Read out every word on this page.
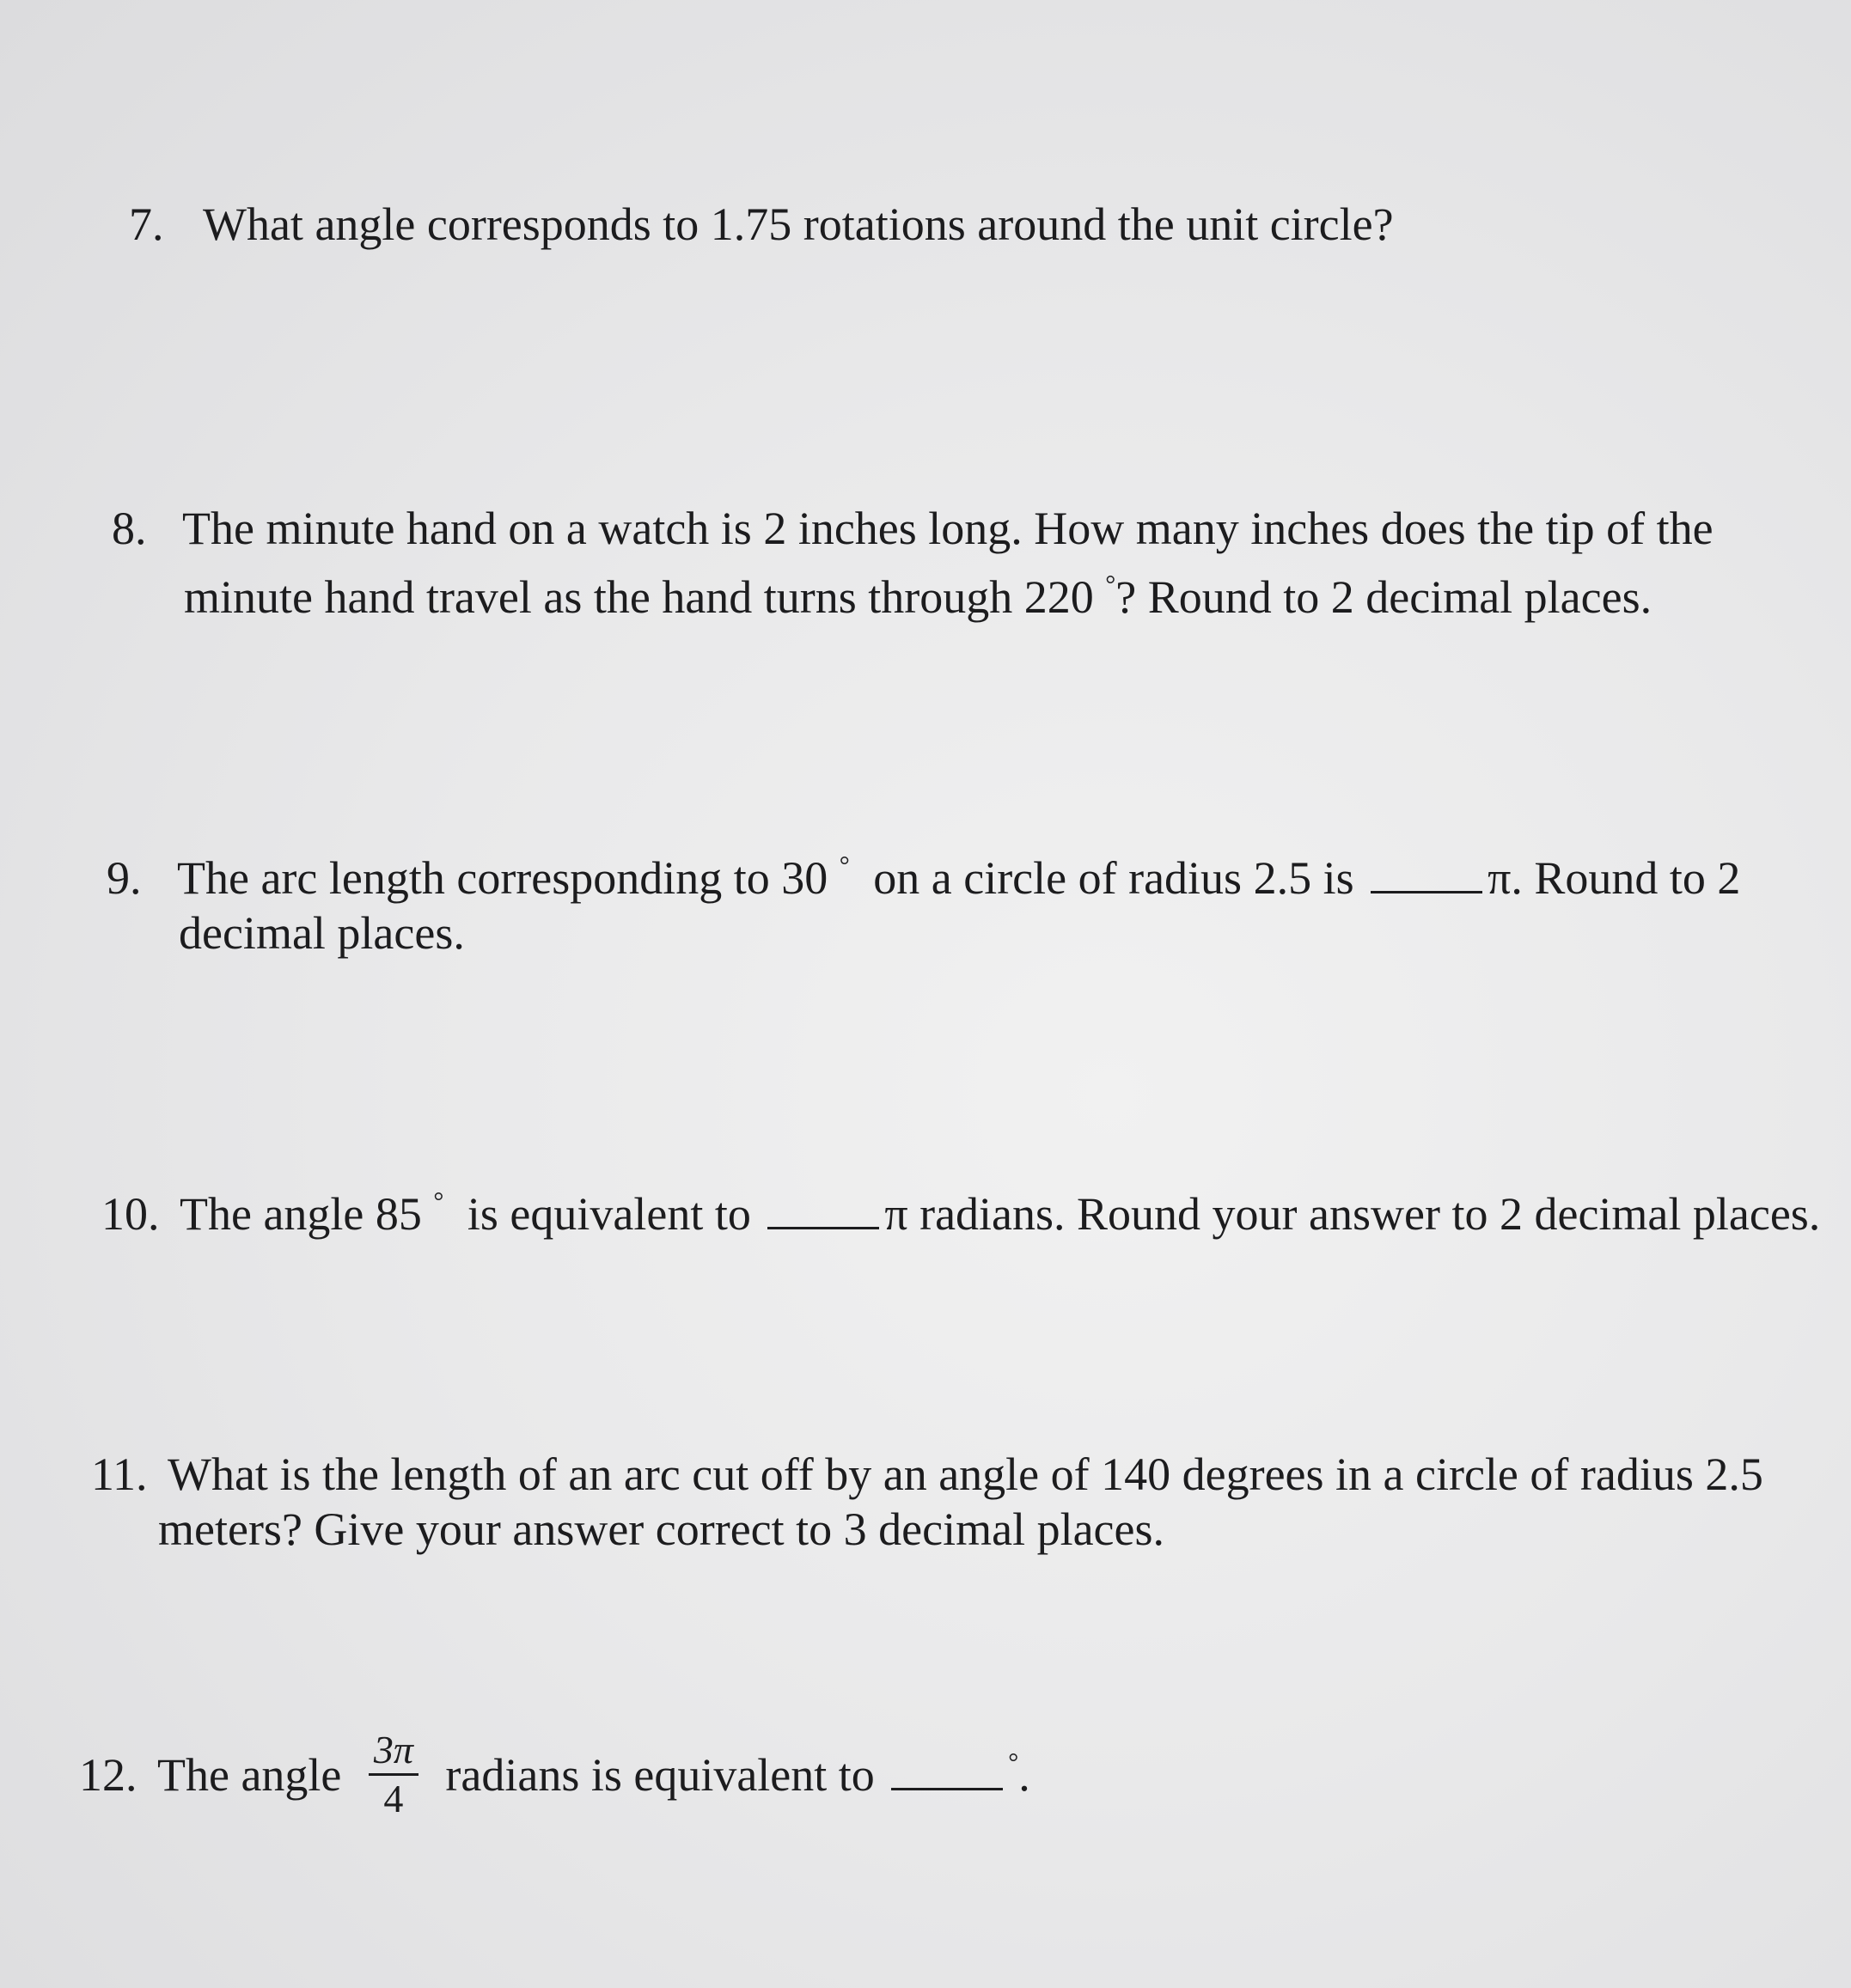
7. What angle corresponds to 1.75 rotations around the unit circle?
8. The minute hand on a watch is 2 inches long. How many inches does the tip of the
minute hand travel as the hand turns through 220 °? Round to 2 decimal places.
9. The arc length corresponding to 30 ° on a circle of radius 2.5 is	π. Round to 2
decimal places.
10. The angle 85 ° is equivalent to	π radians. Round your answer to 2 decimal places.
11. What is the length of an arc cut off by an angle of 140 degrees in a circle of radius 2.5
meters? Give your answer correct to 3 decimal places.
12. The angle $\frac{3\pi}{4}$ radians is equivalent to	°.
